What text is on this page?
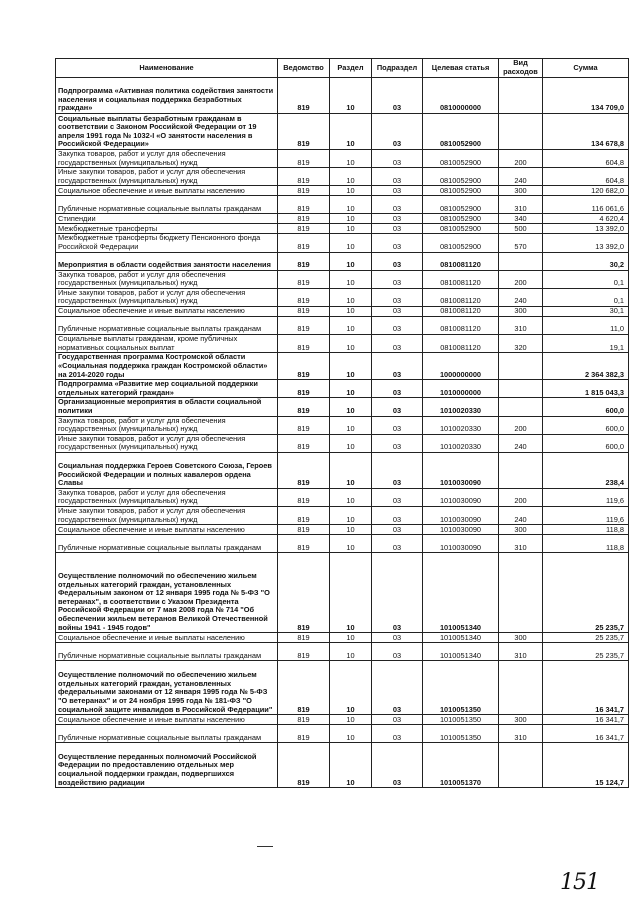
Наименование	Ведомство	Раздел	Подраздел	Целевая статья	Вид расходов	Сумма
Подпрограмма «Активная политика содействия занятости населения и социальная поддержка безработных граждан»	819	10	03	0810000000		134 709,0
Социальные выплаты безработным гражданам в соответствии с Законом Российской Федерации от 19 апреля 1991 года № 1032-I «О занятости населения в Российской Федерации»	819	10	03	0810052900		134 678,8
Закупка товаров, работ и услуг для обеспечения государственных (муниципальных) нужд	819	10	03	0810052900	200	604,8
Иные закупки товаров, работ и услуг для обеспечения государственных (муниципальных) нужд	819	10	03	0810052900	240	604,8
Социальное обеспечение и иные выплаты населению	819	10	03	0810052900	300	120 682,0
Публичные нормативные социальные выплаты гражданам	819	10	03	0810052900	310	116 061,6
Стипендии	819	10	03	0810052900	340	4 620,4
Межбюджетные трансферты	819	10	03	0810052900	500	13 392,0
Межбюджетные трансферты бюджету Пенсионного фонда Российской Федерации	819	10	03	0810052900	570	13 392,0
Мероприятия в области содействия занятости населения	819	10	03	0810081120		30,2
Закупка товаров, работ и услуг для обеспечения государственных (муниципальных) нужд	819	10	03	0810081120	200	0,1
Иные закупки товаров, работ и услуг для обеспечения государственных (муниципальных) нужд	819	10	03	0810081120	240	0,1
Социальное обеспечение и иные выплаты населению	819	10	03	0810081120	300	30,1
Публичные нормативные социальные выплаты гражданам	819	10	03	0810081120	310	11,0
Социальные выплаты гражданам, кроме публичных нормативных социальных выплат	819	10	03	0810081120	320	19,1
Государственная программа Костромской области «Социальная поддержка граждан Костромской области» на 2014-2020 годы	819	10	03	1000000000		2 364 382,3
Подпрограмма «Развитие мер социальной поддержки отдельных категорий граждан»	819	10	03	1010000000		1 815 043,3
Организационные мероприятия в области социальной политики	819	10	03	1010020330		600,0
Закупка товаров, работ и услуг для обеспечения государственных (муниципальных) нужд	819	10	03	1010020330	200	600,0
Иные закупки товаров, работ и услуг для обеспечения государственных (муниципальных) нужд	819	10	03	1010020330	240	600,0
Социальная поддержка Героев Советского Союза, Героев Российской Федерации и полных кавалеров ордена Славы	819	10	03	1010030090		238,4
Закупка товаров, работ и услуг для обеспечения государственных (муниципальных) нужд	819	10	03	1010030090	200	119,6
Иные закупки товаров, работ и услуг для обеспечения государственных (муниципальных) нужд	819	10	03	1010030090	240	119,6
Социальное обеспечение и иные выплаты населению	819	10	03	1010030090	300	118,8
Публичные нормативные социальные выплаты гражданам	819	10	03	1010030090	310	118,8
Осуществление полномочий по обеспечению жильем отдельных категорий граждан, установленных Федеральным законом от 12 января 1995 года № 5-ФЗ "О ветеранах", в соответствии с Указом Президента Российской Федерации от 7 мая 2008 года № 714 "Об обеспечении жильем ветеранов Великой Отечественной войны 1941 - 1945 годов"	819	10	03	1010051340		25 235,7
Социальное обеспечение и иные выплаты населению	819	10	03	1010051340	300	25 235,7
Публичные нормативные социальные выплаты гражданам	819	10	03	1010051340	310	25 235,7
Осуществление полномочий по обеспечению жильем отдельных категорий граждан, установленных федеральными законами от 12 января 1995 года № 5-ФЗ "О ветеранах" и от 24 ноября 1995 года № 181-ФЗ "О социальной защите инвалидов в Российской Федерации"	819	10	03	1010051350		16 341,7
Социальное обеспечение и иные выплаты населению	819	10	03	1010051350	300	16 341,7
Публичные нормативные социальные выплаты гражданам	819	10	03	1010051350	310	16 341,7
Осуществление переданных полномочий Российской Федерации по предоставлению отдельных мер социальной поддержки граждан, подвергшихся воздействию радиации	819	10	03	1010051370		15 124,7
151
